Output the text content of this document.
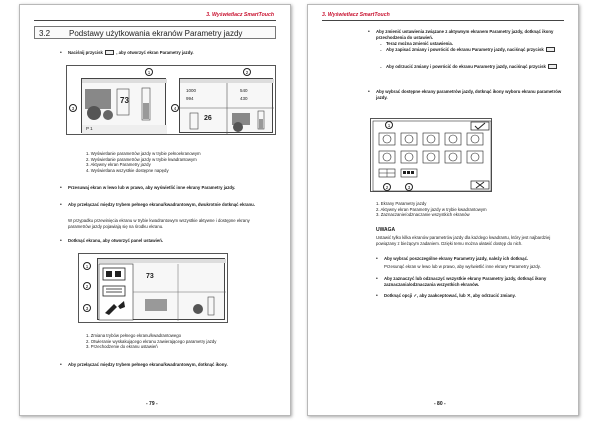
3. Wyświetlacz SmartTouch
3.2 Podstawy użytkowania ekranów Parametry jazdy
• Naciśnij przycisk	, aby otworzyć ekran Parametry jazdy.
1	2
3	4
73
P 1
1000
994
540
430
26
1. Wyświetlanie parametrów jazdy w trybie pełnoekranowym
2. Wyświetlanie parametrów jazdy w trybie kwadrantowym
3. Aktywny ekran Parametry jazdy
4. Wyświetlana wszystkie dostępne napędy
• Przesuwaj ekran w lewo lub w prawo, aby wyświetlić inne ekrany Parametry jazdy.
• Aby przełączać między trybem pełnego ekranu/kwadrantowym, dwukrotnie dotknąć ekranu.
W przypadku przewinięcia ekranu w trybie kwadrantowym wszystkie aktywne i dostępne ekrany parametrów jazdy pojawiają się na środku ekranu.
• Dotknąć ekranu, aby otworzyć panel ustawień.
1
2
3
73
1. Zmiana trybów pełnego ekranu/kwadrantowego
2. Otwieranie wyskakującego ekranu zawierającego parametry jazdy
3. Przechodzenie do ekranu ustawień
• Aby przełączać między trybem pełnego ekranu/kwadrantowym, dotknąć ikony.
- 79 -
3. Wyświetlacz SmartTouch
• Aby zmienić ustawienia związane z aktywnym ekranem Parametry jazdy, dotknąć ikony przechodzenia do ustawień.
- Teraz można zmienić ustawienia.
- Aby zapisać zmiany i powrócić do ekranu Parametry jazdy, naciśnąć przycisk
- Aby odrzucić zmiany i powrócić do ekranu Parametry jazdy, naciśnąć przycisk
• Aby wybrać dostępne ekrany parametrów jazdy, dotknąć ikony wyboru ekranu parametrów jazdy.
1
2	3
1. Ekrany Parametry jazdy
2. Aktywny ekran Parametry jazdy w trybie kwadrantowym
3. Zaznaczanie/odznaczanie wszystkich ekranów
UWAGA
Ustawić tylko kilka ekranów parametrów jazdy dla każdego kwadrantu, który jest najbardziej powiązany z bieżącym zadaniem. Dzięki temu można ułatwić dostęp do nich.
• Aby wybrać poszczególne ekrany Parametry jazdy, należy ich dotknąć.
Przesunąć ekran w lewo lub w prawo, aby wyświetlić inne ekrany Parametry jazdy.
• Aby zaznaczyć lub odznaczyć wszystkie ekrany Parametry jazdy, dotknąć ikony zaznaczania/odznaczania wszystkich ekranów.
• Dotknąć opcji ✓, aby zaakceptować, lub ✕, aby odrzucić zmiany.
- 80 -
